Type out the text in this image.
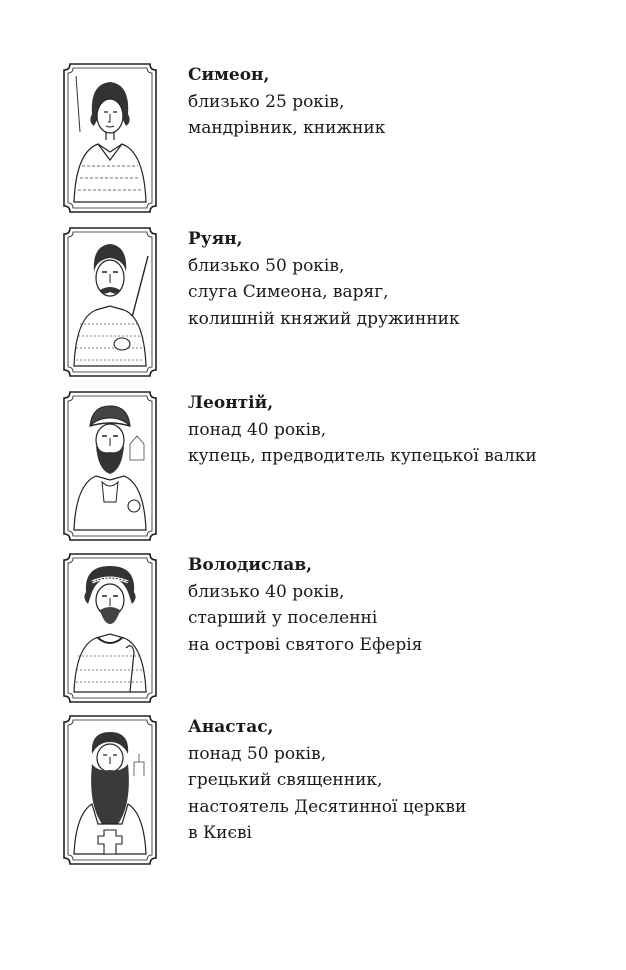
Симеон,
близько 25 років,
мандрівник, книжник
Руян,
близько 50 років,
слуга Симеона, варяг,
колишній княжий дружинник
Леонтій,
понад 40 років,
купець, предводитель купецької валки
Володислав,
близько 40 років,
старший у поселенні
на острові святого Еферія
Анастас,
понад 50 років,
грецький священник,
настоятель Десятинної церкви
в Києві
